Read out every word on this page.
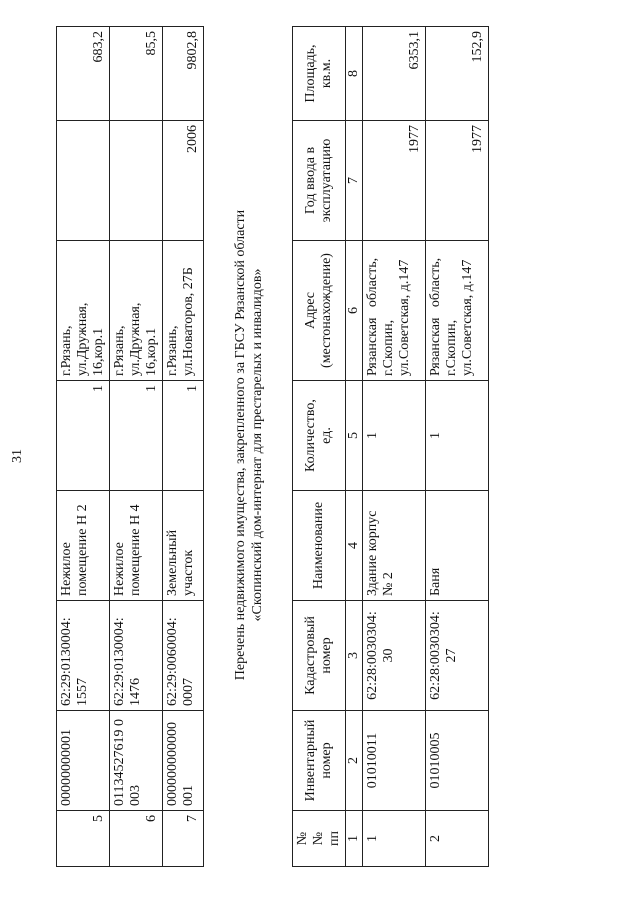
31
5	00000000001	62:29:0130004:
1557	Нежилое
помещение Н 2	1	г.Рязань,
ул.Дружная,
16,кор.1		683,2
6	01134527619 0
003	62:29:0130004:
1476	Нежилое
помещение Н 4	1	г.Рязань,
ул.Дружная,
16,кор.1		85,5
7	000000000000
001	62:29:0060004:
0007	Земельный
участок	1	г.Рязань,
ул.Новаторов, 27Б	2006	9802,8
Перечень недвижимого имущества, закрепленного за ГБСУ Рязанской области «Скопинский дом-интернат для престарелых и инвалидов»
№
№
пп	Инвентарный
номер	Кадастровый
номер	Наименование	Количество,
ед.	Адрес
(местонахождение)	Год ввода в
эксплуатацию	Площадь,
кв.м.
1	2	3	4	5	6	7	8
1	01010011	62:28:0030304:
30	Здание корпус
№ 2	1	Рязанская   область,
г.Скопин,
ул.Советская, д.147	1977	6353,1
2	01010005	62:28:0030304:
27	Баня	1	Рязанская   область,
г.Скопин,
ул.Советская, д.147	1977	152,9
